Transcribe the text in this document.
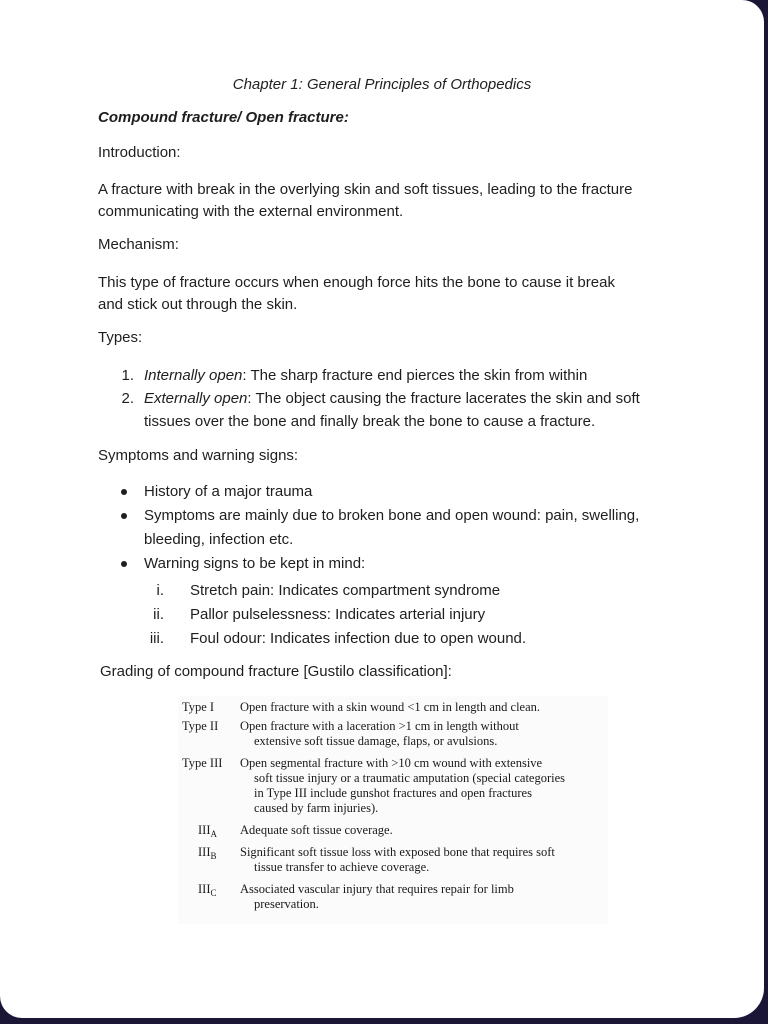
Chapter 1: General Principles of Orthopedics
Compound fracture/ Open fracture:
Introduction:
A fracture with break in the overlying skin and soft tissues, leading to the fracture
communicating with the external environment.
Mechanism:
This type of fracture occurs when enough force hits the bone to cause it break
and stick out through the skin.
Types:
1. Internally open: The sharp fracture end pierces the skin from within
2. Externally open: The object causing the fracture lacerates the skin and soft
tissues over the bone and finally break the bone to cause a fracture.
Symptoms and warning signs:
History of a major trauma
Symptoms are mainly due to broken bone and open wound: pain, swelling,
bleeding, infection etc.
Warning signs to be kept in mind:
i. Stretch pain: Indicates compartment syndrome
ii. Pallor pulselessness: Indicates arterial injury
iii. Foul odour: Indicates infection due to open wound.
Grading of compound fracture [Gustilo classification]:
Type I Open fracture with a skin wound <1 cm in length and clean.
Type II Open fracture with a laceration >1 cm in length without
extensive soft tissue damage, flaps, or avulsions.
Type III Open segmental fracture with >10 cm wound with extensive
soft tissue injury or a traumatic amputation (special categories
in Type III include gunshot fractures and open fractures
caused by farm injuries).
$III_A$ Adequate soft tissue coverage.
$III_B$ Significant soft tissue loss with exposed bone that requires soft
tissue transfer to achieve coverage.
$III_C$ Associated vascular injury that requires repair for limb
preservation.
